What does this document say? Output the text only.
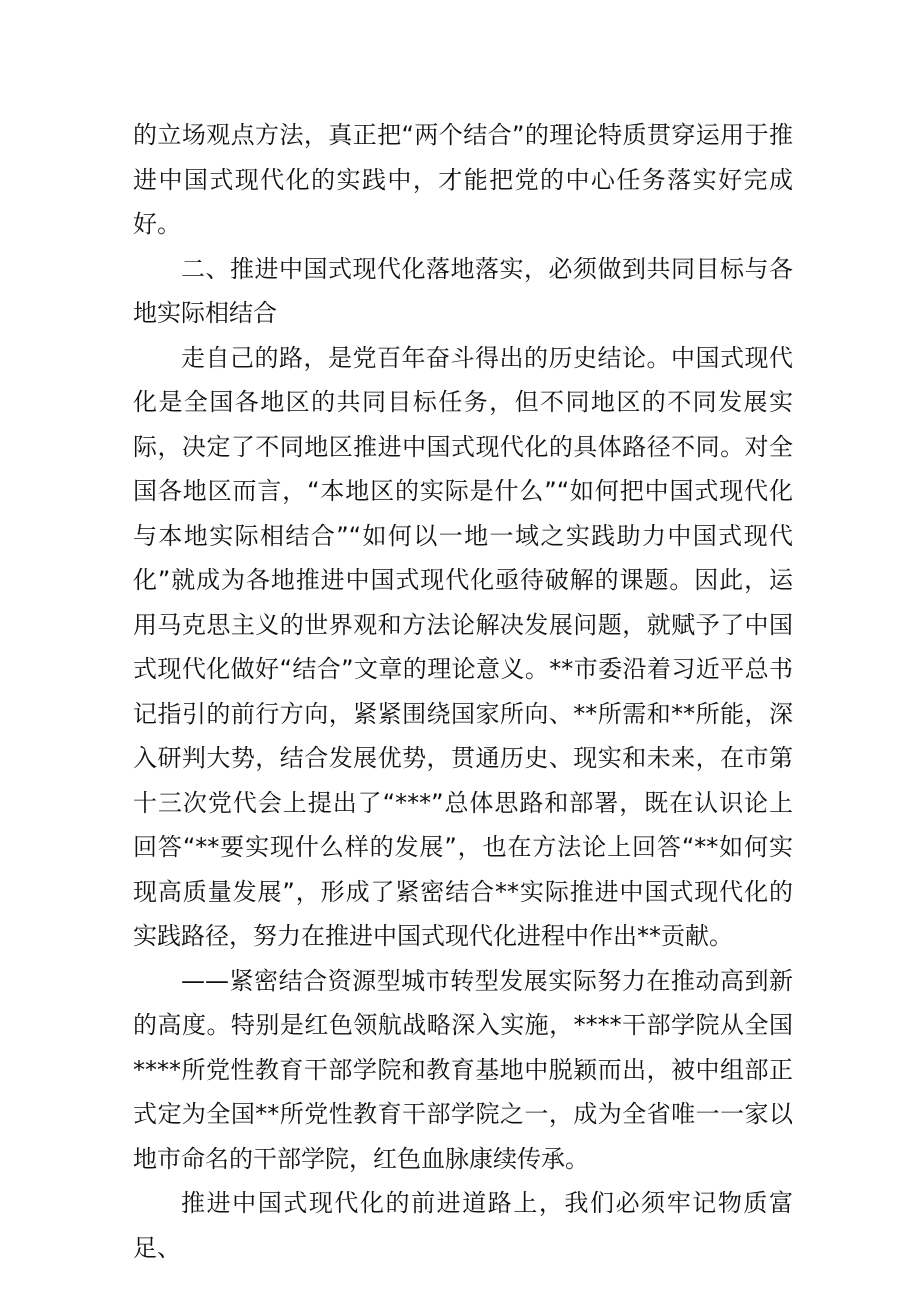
的立场观点方法，真正把“两个结合”的理论特质贯穿运用于推进中国式现代化的实践中，才能把党的中心任务落实好完成好。

二、推进中国式现代化落地落实，必须做到共同目标与各地实际相结合

走自己的路，是党百年奋斗得出的历史结论。中国式现代化是全国各地区的共同目标任务，但不同地区的不同发展实际，决定了不同地区推进中国式现代化的具体路径不同。对全国各地区而言，“本地区的实际是什么”“如何把中国式现代化与本地实际相结合”“如何以一地一域之实践助力中国式现代化”就成为各地推进中国式现代化亟待破解的课题。因此，运用马克思主义的世界观和方法论解决发展问题，就赋予了中国式现代化做好“结合”文章的理论意义。**市委沿着习近平总书记指引的前行方向，紧紧围绕国家所向、**所需和**所能，深入研判大势，结合发展优势，贯通历史、现实和未来，在市第十三次党代会上提出了“***”总体思路和部署，既在认识论上回答“**要实现什么样的发展”，也在方法论上回答“**如何实现高质量发展”，形成了紧密结合**实际推进中国式现代化的实践路径，努力在推进中国式现代化进程中作出**贡献。

——紧密结合资源型城市转型发展实际努力在推动高到新的高度。特别是红色领航战略深入实施，****干部学院从全国****所党性教育干部学院和教育基地中脱颖而出，被中组部正式定为全国**所党性教育干部学院之一，成为全省唯一一家以地市命名的干部学院，红色血脉康续传承。

推进中国式现代化的前进道路上，我们必须牢记物质富足、
